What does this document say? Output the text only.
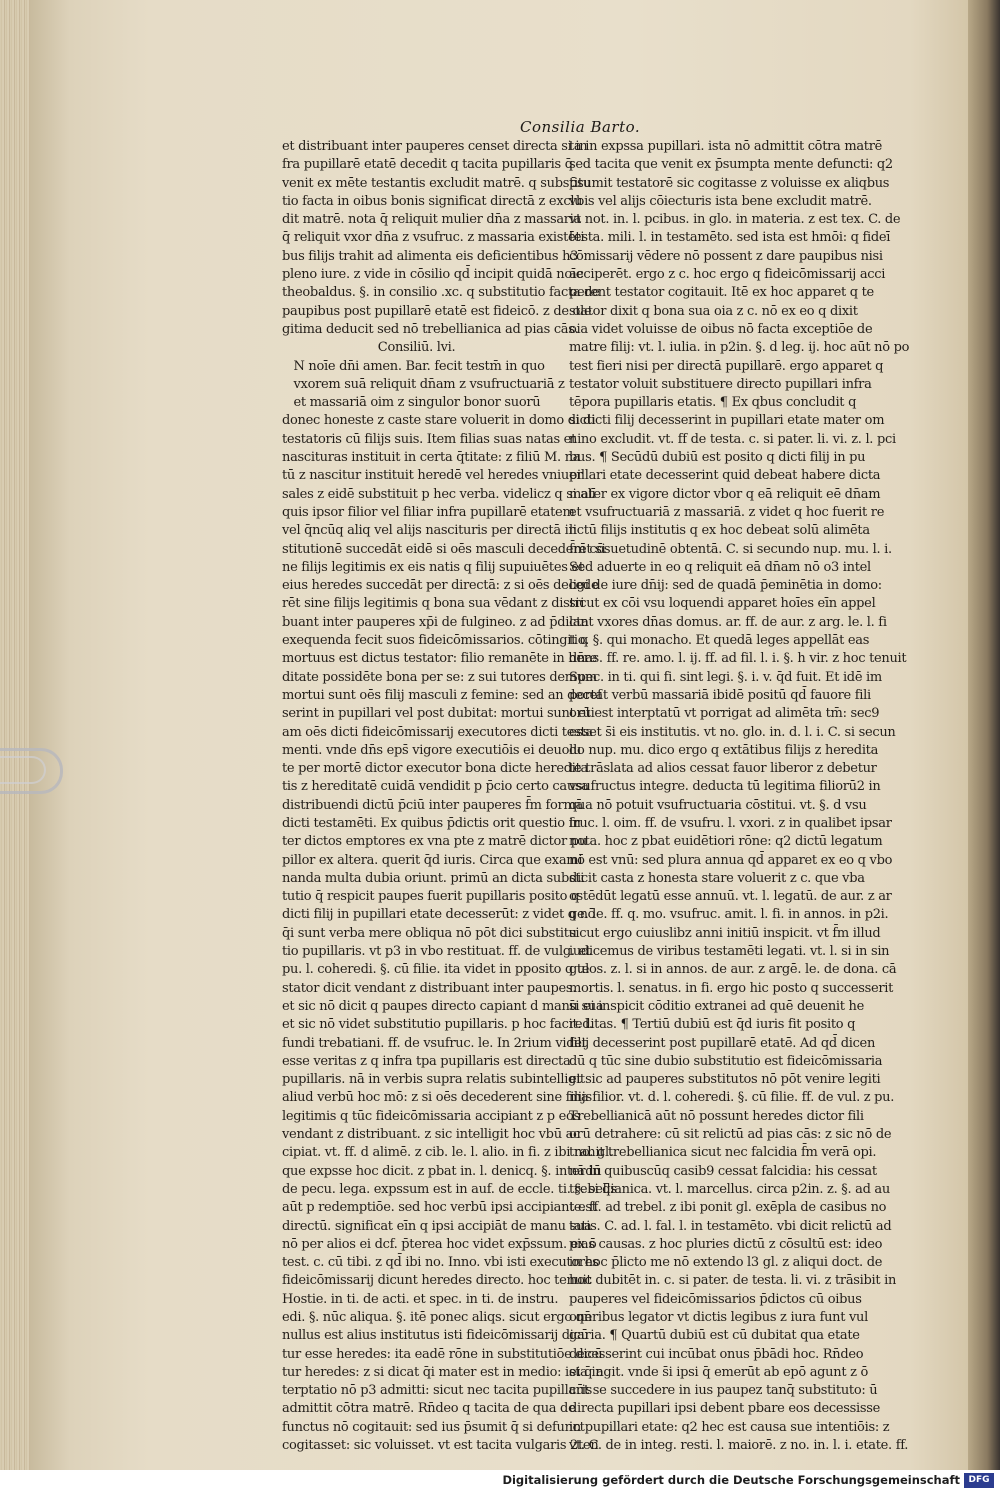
Consilia Barto.
et distribuant inter pauperes censet directa si in
fra pupillarē etatē decedit q tacita pupillaris q̄
venit ex mēte testantis excludit matrē. q substitu
tio facta in oibus bonis significat directā z exclu
dit matrē. nota q̄ reliquit mulier dn̄a z massaria
q̄ reliquit vxor dn̄a z vsufruc. z massaria existēti
bus filijs trahit ad alimenta eis deficientibus h3
pleno iure. z vide in cōsilio qd̄ incipit quidā noīe
theobaldus. §. in consilio .xc. q substitutio facta de
paupibus post pupillarē etatē est fideicō. z de ole
gitima deducit sed nō trebellianica ad pias cās.
Consiliū. lvi.
N noīe dn̄i amen. Bar. fecit testm̄ in quo
vxorem suā reliquit dn̄am z vsufructuariā z
et massariā oim z singulor bonor suorū
donec honeste z caste stare voluerit in domo dicti
testatoris cū filijs suis. Item filias suas natas et
nascituras instituit in certa q̄titate: z filiū M. na
tū z nascitur instituit heredē vel heredes vniuer
sales z eidē substituit p hec verba. videlicz q si alī
quis ipsor filior vel filiar infra pupillarē etatem
vel q̄ncūq aliq vel alijs nascituris per directā in
stitutionē succedāt eidē si oēs masculi decederēt si
ne filijs legitimis ex eis natis q filij supuiuētes et
eius heredes succedāt per directā: z si oēs decede
rēt sine filijs legitimis q bona sua vēdant z distri
buant inter pauperes xp̄i de fulgineo. z ad p̄dicta
exequenda fecit suos fideicōmissarios. cōtingit q
mortuus est dictus testator: filio remanēte in here
ditate possidēte bona per se: z sui tutores demum
mortui sunt oēs filij masculi z femine: sed an decef
serint in pupillari vel post dubitat: mortui sunt eti
am oēs dicti fideicōmissarij executores dicti testa
menti. vnde dn̄s eps̄ vigore executiōis ei deuolu
te per mortē dictor executor bona dicte heredita
tis z hereditatē cuidā vendidit p p̄cio certo causa
distribuendi dictū p̄ciū inter pauperes f̄m formā
dicti testamēti. Ex quibus p̄dictis orit questio in
ter dictos emptores ex vna pte z matrē dictor pu
pillor ex altera. querit q̄d iuris. Circa que exami
nanda multa dubia oriunt. primū an dicta substi
tutio q̄ respicit paupes fuerit pupillaris posito q
dicti filij in pupillari etate decesserūt: z videt q nō
q̄i sunt verba mere obliqua nō pōt dici substitu
tio pupillaris. vt p3 in vbo restituat. ff. de vulg. et
pu. l. coheredi. §. cū filie. ita videt in pposito q te
stator dicit vendant z distribuant inter paupes.
et sic nō dicit q paupes directo capiant d manu sua
et sic nō videt substitutio pupillaris. p hoc facit. l.
fundi trebatiani. ff. de vsufruc. le. In 2rium videt
esse veritas z q infra tpa pupillaris est directa
pupillaris. nā in verbis supra relatis subintelligit
aliud verbū hoc mō: z si oēs decederent sine filijs
legitimis q tūc fideicōmissaria accipiant z p eos
vendant z distribuant. z sic intelligit hoc vbū ac
cipiat. vt. ff. d alimē. z cib. le. l. alio. in fi. z ibi no. gl.
que expsse hoc dicit. z pbat in. l. denicq. §. interdū
de pecu. lega. expssum est in auf. de eccle. ti. §. si q̄s
aūt p redemptiōe. sed hoc verbū ipsi accipiant est
directū. significat eīn q ipsi accipiāt de manu sua
nō per alios ei dcf. p̄terea hoc videt exp̄ssum. ex ō
test. c. cū tibi. z qd̄ ibi no. Inno. vbi isti executores
fideicōmissarij dicunt heredes directo. hoc tenuit
Hostie. in ti. de acti. et spec. in ti. de instru.
edi. §. nūc aliqua. §. itē ponec aliqs. sicut ergo qn̄
nullus est alius institutus isti fideicōmissarij dicū
tur esse heredes: ita eadē rōne in substitutiōe dicū
tur heredes: z si dicat q̄i mater est in medio: ista in
terptatio nō p3 admitti: sicut nec tacita pupillaris
admittit cōtra matrē. Rn̄deo q tacita de qua de
functus nō cogitauit: sed ius p̄sumit q̄ si defunct
cogitasset: sic voluisset. vt est tacita vulgaris 2ten
ta in expssa pupillari. ista nō admittit cōtra matrē
sed tacita que venit ex p̄sumpta mente defuncti: q2
p̄sumit testatorē sic cogitasse z voluisse ex aliqbus
vbis vel alijs cōiecturis ista bene excludit matrē.
vt not. in. l. pcibus. in glo. in materia. z est tex. C. de
testa. mili. l. in testamēto. sed ista est hmōi: q fideī
cōmissarij vēdere nō possent z dare paupibus nisi
acciperēt. ergo z c. hoc ergo q fideicōmissarij acci
perent testator cogitauit. Itē ex hoc apparet q te
stator dixit q bona sua oia z c. nō ex eo q dixit
oia videt voluisse de oibus nō facta exceptiōe de
matre filij: vt. l. iulia. in p2in. §. d leg. ij. hoc aūt nō po
test fieri nisi per directā pupillarē. ergo apparet q
testator voluit substituere directo pupillari infra
tēpora pupillaris etatis. ¶ Ex qbus concludit q
si dicti filij decesserint in pupillari etate mater om
nino excludit. vt. ff de testa. c. si pater. li. vi. z. l. pci
bus. ¶ Secūdū dubiū est posito q dicti filij in pu
pillari etate decesserint quid debeat habere dicta
mater ex vigore dictor vbor q eā reliquit eē dn̄am
et vsufructuariā z massariā. z videt q hoc fuerit re
lictū filijs institutis q ex hoc debeat solū alimēta
f̄m cōsuetudinē obtentā. C. si secundo nup. mu. l. i.
Sed aduerte in eo q reliquit eā dn̄am nō o3 intel
ligi de iure dn̄ij: sed de quadā p̄eminētia in domo:
sicut ex cōi vsu loquendi apparet hoīes eīn appel
lant vxores dn̄as domus. ar. ff. de aur. z arg. le. l. fi
tio. §. qui monacho. Et quedā leges appellāt eas
dn̄as. ff. re. amo. l. ij. ff. ad fil. l. i. §. h vir. z hoc tenuit
Spec. in ti. qui fi. sint legi. §. i. v. q̄d fuit. Et idē im
portat verbū massariā ibidē positū qd̄ fauore fili
orū est interptatū vt porrigat ad alimēta tm̄: sec9
esset s̄i eis institutis. vt no. glo. in. d. l. i. C. si secun
do nup. mu. dico ergo q extātibus filijs z heredita
te trāslata ad alios cessat fauor liberor z debetur
vsufructus integre. deducta tū legitima filiorū2 in
qua nō potuit vsufructuaria cōstitui. vt. §. d vsu
fruc. l. oim. ff. de vsufru. l. vxori. z in qualibet ipsar
nota. hoc z pbat euidētiori rōne: q2 dictū legatum
nō est vnū: sed plura annua qd̄ apparet ex eo q vbo
dicit casta z honesta stare voluerit z c. que vba
ostēdūt legatū esse annuū. vt. l. legatū. de aur. z ar
ge. le. ff. q. mo. vsufruc. amit. l. fi. in annos. in p2i.
sicut ergo cuiuslibz anni initiū inspicit. vt f̄m illud
iudicemus de viribus testamēti legati. vt. l. si in sin
gulos. z. l. si in annos. de aur. z argē. le. de dona. cā
mortis. l. senatus. in fi. ergo hic posto q successerit
s̄i ei inspicit cōditio extranei ad quē deuenit he
reditas. ¶ Tertiū dubiū est q̄d iuris fit posito q
filij decesserint post pupillarē etatē. Ad qd̄ dicen
dū q tūc sine dubio substitutio est fideicōmissaria
et sic ad pauperes substitutos nō pōt venire legiti
ma filior. vt. d. l. coheredi. §. cū filie. ff. de vul. z pu.
Trebellianicā aūt nō possunt heredes dictor fili
orū detrahere: cū sit relictū ad pias cās: z sic nō de
trahit trebellianica sicut nec falcidia f̄m verā opi.
nā in quibuscūq casib9 cessat falcidia: his cessat
trebellianica. vt. l. marcellus. circa p2in. z. §. ad au
te. ff. ad trebel. z ibi ponit gl. exēpla de casibus no
tatis. C. ad. l. fal. l. in testamēto. vbi dicit relictū ad
pias causas. z hoc pluries dictū z cōsultū est: ideo
in hoc p̄licto me nō extendo l3 gl. z aliqui doct. de
hoc dubitēt in. c. si pater. de testa. li. vi. z trāsibit in
pauperes vel fideicōmissarios p̄dictos cū oibus
oneribus legator vt dictis legibus z iura funt vul
garia. ¶ Quartū dubiū est cū dubitat qua etate
decesserint cui incūbat onus p̄bādi hoc. Rn̄deo
ei q̄ agit. vnde s̄i ipsi q̄ emerūt ab epō agunt z ō
cūt se succedere in ius paupez tanq̄ substituto: ū
directa pupillari ipsi debent pbare eos decessisse
in pupillari etate: q2 hec est causa sue intentiōis: z
vt. C. de in integ. resti. l. maiorē. z no. in. l. i. etate. ff.
Digitalisierung gefördert durch die Deutsche Forschungsgemeinschaft DFG
